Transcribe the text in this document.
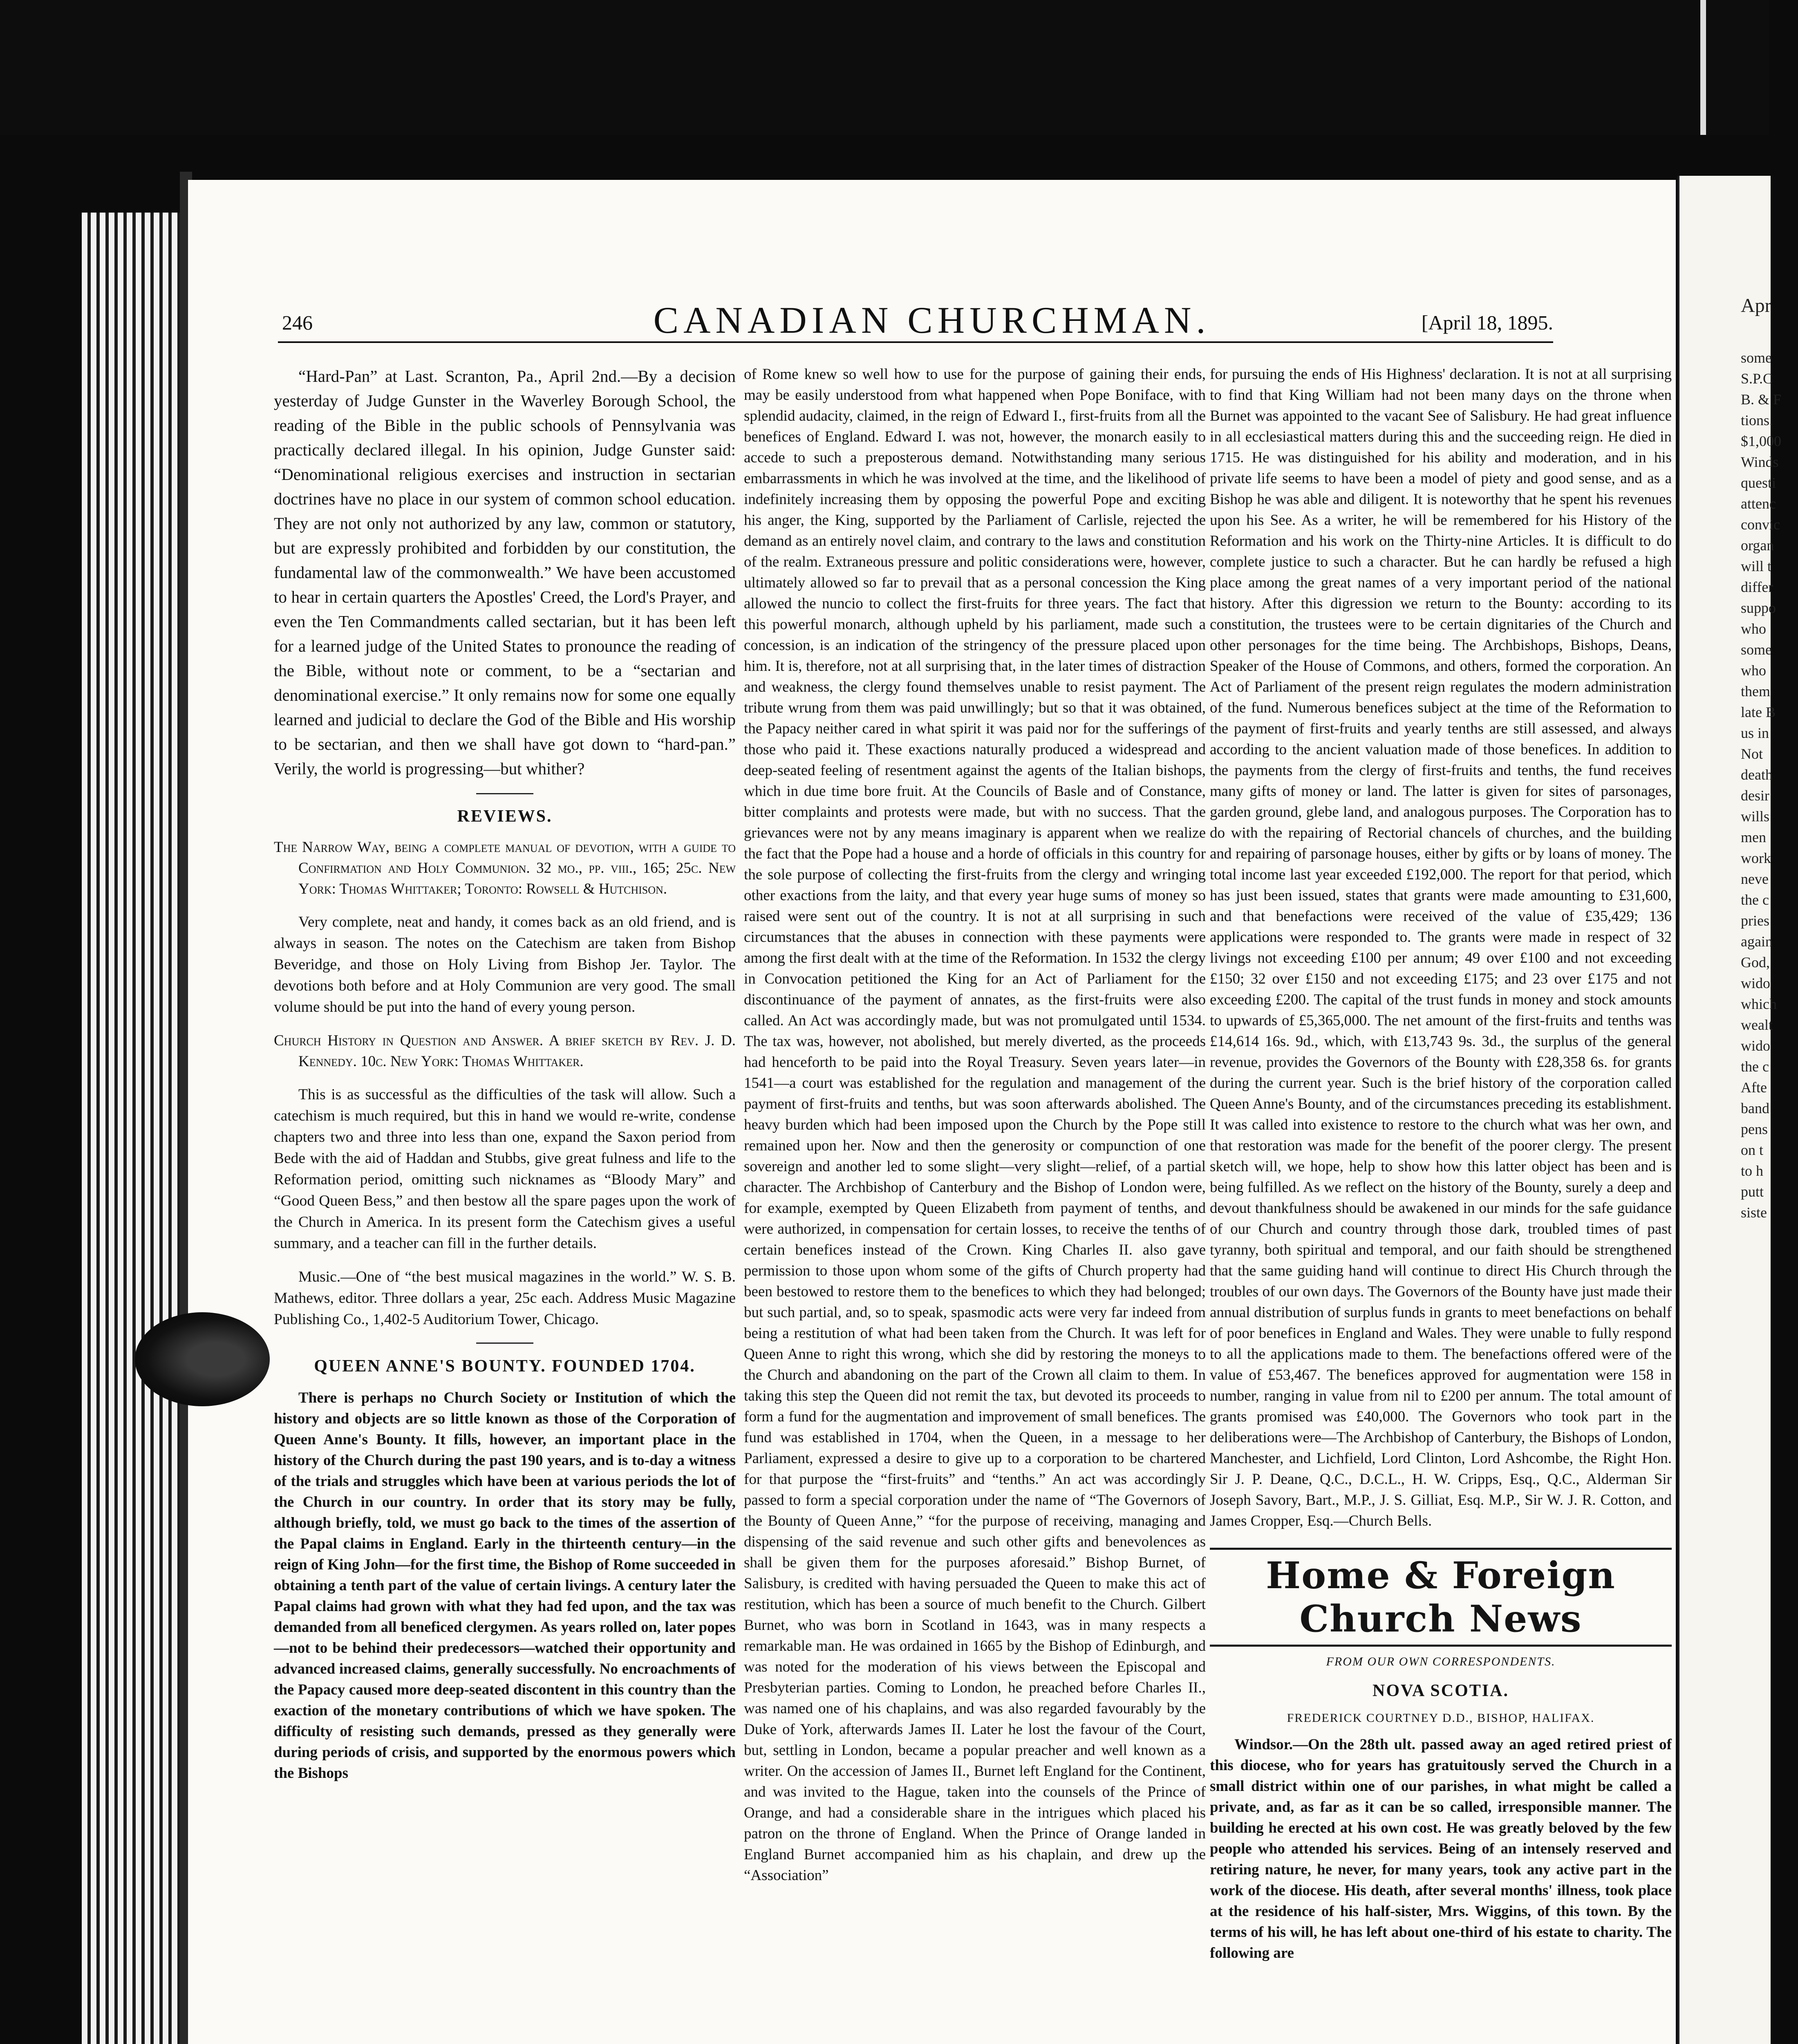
246	CANADIAN CHURCHMAN.	[April 18, 1895.

“Hard-Pan” at Last. Scranton, Pa., April 2nd.—By a decision yesterday of Judge Gunster in the Waverley Borough School, the reading of the Bible in the public schools of Pennsylvania was practically declared illegal. In his opinion, Judge Gunster said: “Denominational religious exercises and instruction in sectarian doctrines have no place in our system of common school education. They are not only not authorized by any law, common or statutory, but are expressly prohibited and forbidden by our constitution, the fundamental law of the commonwealth.” We have been accustomed to hear in certain quarters the Apostles' Creed, the Lord's Prayer, and even the Ten Commandments called sectarian, but it has been left for a learned judge of the United States to pronounce the reading of the Bible, without note or comment, to be a “sectarian and denominational exercise.” It only remains now for some one equally learned and judicial to declare the God of the Bible and His worship to be sectarian, and then we shall have got down to “hard-pan.” Verily, the world is progressing—but whither?

REVIEWS.

The Narrow Way, being a complete manual of devotion, with a guide to Confirmation and Holy Communion. 32 mo., pp. viii., 165; 25c. New York: Thomas Whittaker; Toronto: Rowsell & Hutchison.

Very complete, neat and handy, it comes back as an old friend, and is always in season. The notes on the Catechism are taken from Bishop Beveridge, and those on Holy Living from Bishop Jer. Taylor. The devotions both before and at Holy Communion are very good. The small volume should be put into the hand of every young person.

Church History in Question and Answer. A brief sketch by Rev. J. D. Kennedy. 10c. New York: Thomas Whittaker.

This is as successful as the difficulties of the task will allow. Such a catechism is much required, but this in hand we would re-write, condense chapters two and three into less than one, expand the Saxon period from Bede with the aid of Haddan and Stubbs, give great fulness and life to the Reformation period, omitting such nicknames as “Bloody Mary” and “Good Queen Bess,” and then bestow all the spare pages upon the work of the Church in America. In its present form the Catechism gives a useful summary, and a teacher can fill in the further details.

Music.—One of “the best musical magazines in the world.” W. S. B. Mathews, editor. Three dollars a year, 25c each. Address Music Magazine Publishing Co., 1,402-5 Auditorium Tower, Chicago.

QUEEN ANNE'S BOUNTY. FOUNDED 1704.

There is perhaps no Church Society or Institution of which the history and objects are so little known as those of the Corporation of Queen Anne's Bounty. It fills, however, an important place in the history of the Church during the past 190 years, and is to-day a witness of the trials and struggles which have been at various periods the lot of the Church in our country. In order that its story may be fully, although briefly, told, we must go back to the times of the assertion of the Papal claims in England. Early in the thirteenth century—in the reign of King John—for the first time, the Bishop of Rome succeeded in obtaining a tenth part of the value of certain livings. A century later the Papal claims had grown with what they had fed upon, and the tax was demanded from all beneficed clergymen. As years rolled on, later popes—not to be behind their predecessors—watched their opportunity and advanced increased claims, generally successfully. No encroachments of the Papacy caused more deep-seated discontent in this country than the exaction of the monetary contributions of which we have spoken. The difficulty of resisting such demands, pressed as they generally were during periods of crisis, and supported by the enormous powers which the Bishops

of Rome knew so well how to use for the purpose of gaining their ends, may be easily understood from what happened when Pope Boniface, with splendid audacity, claimed, in the reign of Edward I., first-fruits from all the benefices of England. Edward I. was not, however, the monarch easily to accede to such a preposterous demand. Notwithstanding many serious embarrassments in which he was involved at the time, and the likelihood of indefinitely increasing them by opposing the powerful Pope and exciting his anger, the King, supported by the Parliament of Carlisle, rejected the demand as an entirely novel claim, and contrary to the laws and constitution of the realm. Extraneous pressure and politic considerations were, however, ultimately allowed so far to prevail that as a personal concession the King allowed the nuncio to collect the first-fruits for three years. The fact that this powerful monarch, although upheld by his parliament, made such a concession, is an indication of the stringency of the pressure placed upon him. It is, therefore, not at all surprising that, in the later times of distraction and weakness, the clergy found themselves unable to resist payment. The tribute wrung from them was paid unwillingly; but so that it was obtained, the Papacy neither cared in what spirit it was paid nor for the sufferings of those who paid it. These exactions naturally produced a widespread and deep-seated feeling of resentment against the agents of the Italian bishops, which in due time bore fruit. At the Councils of Basle and of Constance, bitter complaints and protests were made, but with no success. That the grievances were not by any means imaginary is apparent when we realize the fact that the Pope had a house and a horde of officials in this country for the sole purpose of collecting the first-fruits from the clergy and wringing other exactions from the laity, and that every year huge sums of money so raised were sent out of the country. It is not at all surprising in such circumstances that the abuses in connection with these payments were among the first dealt with at the time of the Reformation. In 1532 the clergy in Convocation petitioned the King for an Act of Parliament for the discontinuance of the payment of annates, as the first-fruits were also called. An Act was accordingly made, but was not promulgated until 1534. The tax was, however, not abolished, but merely diverted, as the proceeds had henceforth to be paid into the Royal Treasury. Seven years later—in 1541—a court was established for the regulation and management of the payment of first-fruits and tenths, but was soon afterwards abolished. The heavy burden which had been imposed upon the Church by the Pope still remained upon her. Now and then the generosity or compunction of one sovereign and another led to some slight—very slight—relief, of a partial character. The Archbishop of Canterbury and the Bishop of London were, for example, exempted by Queen Elizabeth from payment of tenths, and were authorized, in compensation for certain losses, to receive the tenths of certain benefices instead of the Crown. King Charles II. also gave permission to those upon whom some of the gifts of Church property had been bestowed to restore them to the benefices to which they had belonged; but such partial, and, so to speak, spasmodic acts were very far indeed from being a restitution of what had been taken from the Church. It was left for Queen Anne to right this wrong, which she did by restoring the moneys to the Church and abandoning on the part of the Crown all claim to them. In taking this step the Queen did not remit the tax, but devoted its proceeds to form a fund for the augmentation and improvement of small benefices. The fund was established in 1704, when the Queen, in a message to her Parliament, expressed a desire to give up to a corporation to be chartered for that purpose the “first-fruits” and “tenths.” An act was accordingly passed to form a special corporation under the name of “The Governors of the Bounty of Queen Anne,” “for the purpose of receiving, managing and dispensing of the said revenue and such other gifts and benevolences as shall be given them for the purposes aforesaid.” Bishop Burnet, of Salisbury, is credited with having persuaded the Queen to make this act of restitution, which has been a source of much benefit to the Church. Gilbert Burnet, who was born in Scotland in 1643, was in many respects a remarkable man. He was ordained in 1665 by the Bishop of Edinburgh, and was noted for the moderation of his views between the Episcopal and Presbyterian parties. Coming to London, he preached before Charles II., was named one of his chaplains, and was also regarded favourably by the Duke of York, afterwards James II. Later he lost the favour of the Court, but, settling in London, became a popular preacher and well known as a writer. On the accession of James II., Burnet left England for the Continent, and was invited to the Hague, taken into the counsels of the Prince of Orange, and had a considerable share in the intrigues which placed his patron on the throne of England. When the Prince of Orange landed in England Burnet accompanied him as his chaplain, and drew up the “Association”

for pursuing the ends of His Highness' declaration. It is not at all surprising to find that King William had not been many days on the throne when Burnet was appointed to the vacant See of Salisbury. He had great influence in all ecclesiastical matters during this and the succeeding reign. He died in 1715. He was distinguished for his ability and moderation, and in his private life seems to have been a model of piety and good sense, and as a Bishop he was able and diligent. It is noteworthy that he spent his revenues upon his See. As a writer, he will be remembered for his History of the Reformation and his work on the Thirty-nine Articles. It is difficult to do complete justice to such a character. But he can hardly be refused a high place among the great names of a very important period of the national history. After this digression we return to the Bounty: according to its constitution, the trustees were to be certain dignitaries of the Church and other personages for the time being. The Archbishops, Bishops, Deans, Speaker of the House of Commons, and others, formed the corporation. An Act of Parliament of the present reign regulates the modern administration of the fund. Numerous benefices subject at the time of the Reformation to the payment of first-fruits and yearly tenths are still assessed, and always according to the ancient valuation made of those benefices. In addition to the payments from the clergy of first-fruits and tenths, the fund receives many gifts of money or land. The latter is given for sites of parsonages, garden ground, glebe land, and analogous purposes. The Corporation has to do with the repairing of Rectorial chancels of churches, and the building and repairing of parsonage houses, either by gifts or by loans of money. The total income last year exceeded £192,000. The report for that period, which has just been issued, states that grants were made amounting to £31,600, and that benefactions were received of the value of £35,429; 136 applications were responded to. The grants were made in respect of 32 livings not exceeding £100 per annum; 49 over £100 and not exceeding £150; 32 over £150 and not exceeding £175; and 23 over £175 and not exceeding £200. The capital of the trust funds in money and stock amounts to upwards of £5,365,000. The net amount of the first-fruits and tenths was £14,614 16s. 9d., which, with £13,743 9s. 3d., the surplus of the general revenue, provides the Governors of the Bounty with £28,358 6s. for grants during the current year. Such is the brief history of the corporation called Queen Anne's Bounty, and of the circumstances preceding its establishment. It was called into existence to restore to the church what was her own, and that restoration was made for the benefit of the poorer clergy. The present sketch will, we hope, help to show how this latter object has been and is being fulfilled. As we reflect on the history of the Bounty, surely a deep and devout thankfulness should be awakened in our minds for the safe guidance of our Church and country through those dark, troubled times of past tyranny, both spiritual and temporal, and our faith should be strengthened that the same guiding hand will continue to direct His Church through the troubles of our own days. The Governors of the Bounty have just made their annual distribution of surplus funds in grants to meet benefactions on behalf of poor benefices in England and Wales. They were unable to fully respond to all the applications made to them. The benefactions offered were of the value of £53,467. The benefices approved for augmentation were 158 in number, ranging in value from nil to £200 per annum. The total amount of grants promised was £40,000. The Governors who took part in the deliberations were—The Archbishop of Canterbury, the Bishops of London, Manchester, and Lichfield, Lord Clinton, Lord Ashcombe, the Right Hon. Sir J. P. Deane, Q.C., D.C.L., H. W. Cripps, Esq., Q.C., Alderman Sir Joseph Savory, Bart., M.P., J. S. Gilliat, Esq. M.P., Sir W. J. R. Cotton, and James Cropper, Esq.—Church Bells.

Home & Foreign Church News
FROM OUR OWN CORRESPONDENTS.
NOVA SCOTIA.
FREDERICK COURTNEY D.D., BISHOP, HALIFAX.

Windsor.—On the 28th ult. passed away an aged retired priest of this diocese, who for years has gratuitously served the Church in a small district within one of our parishes, in what might be called a private, and, as far as it can be so called, irresponsible manner. The building he erected at his own cost. He was greatly beloved by the few people who attended his services. Being of an intensely reserved and retiring nature, he never, for many years, took any active part in the work of the diocese. His death, after several months' illness, took place at the residence of his half-sister, Mrs. Wiggins, of this town. By the terms of his will, he has left about one-third of his estate to charity. The following are

Apr
some
S.P.C
B. & F
tions.
$1,000
Winds
questi
attenc
convic
organ
will t
differ
suppo
who
some
who
them
late B
us in
Not
death
desir
wills
men
work
neve
the c
pries
again
God,
wido
which
wealt
wido
the c
Afte
band
pens
on t
to h
putt
siste
